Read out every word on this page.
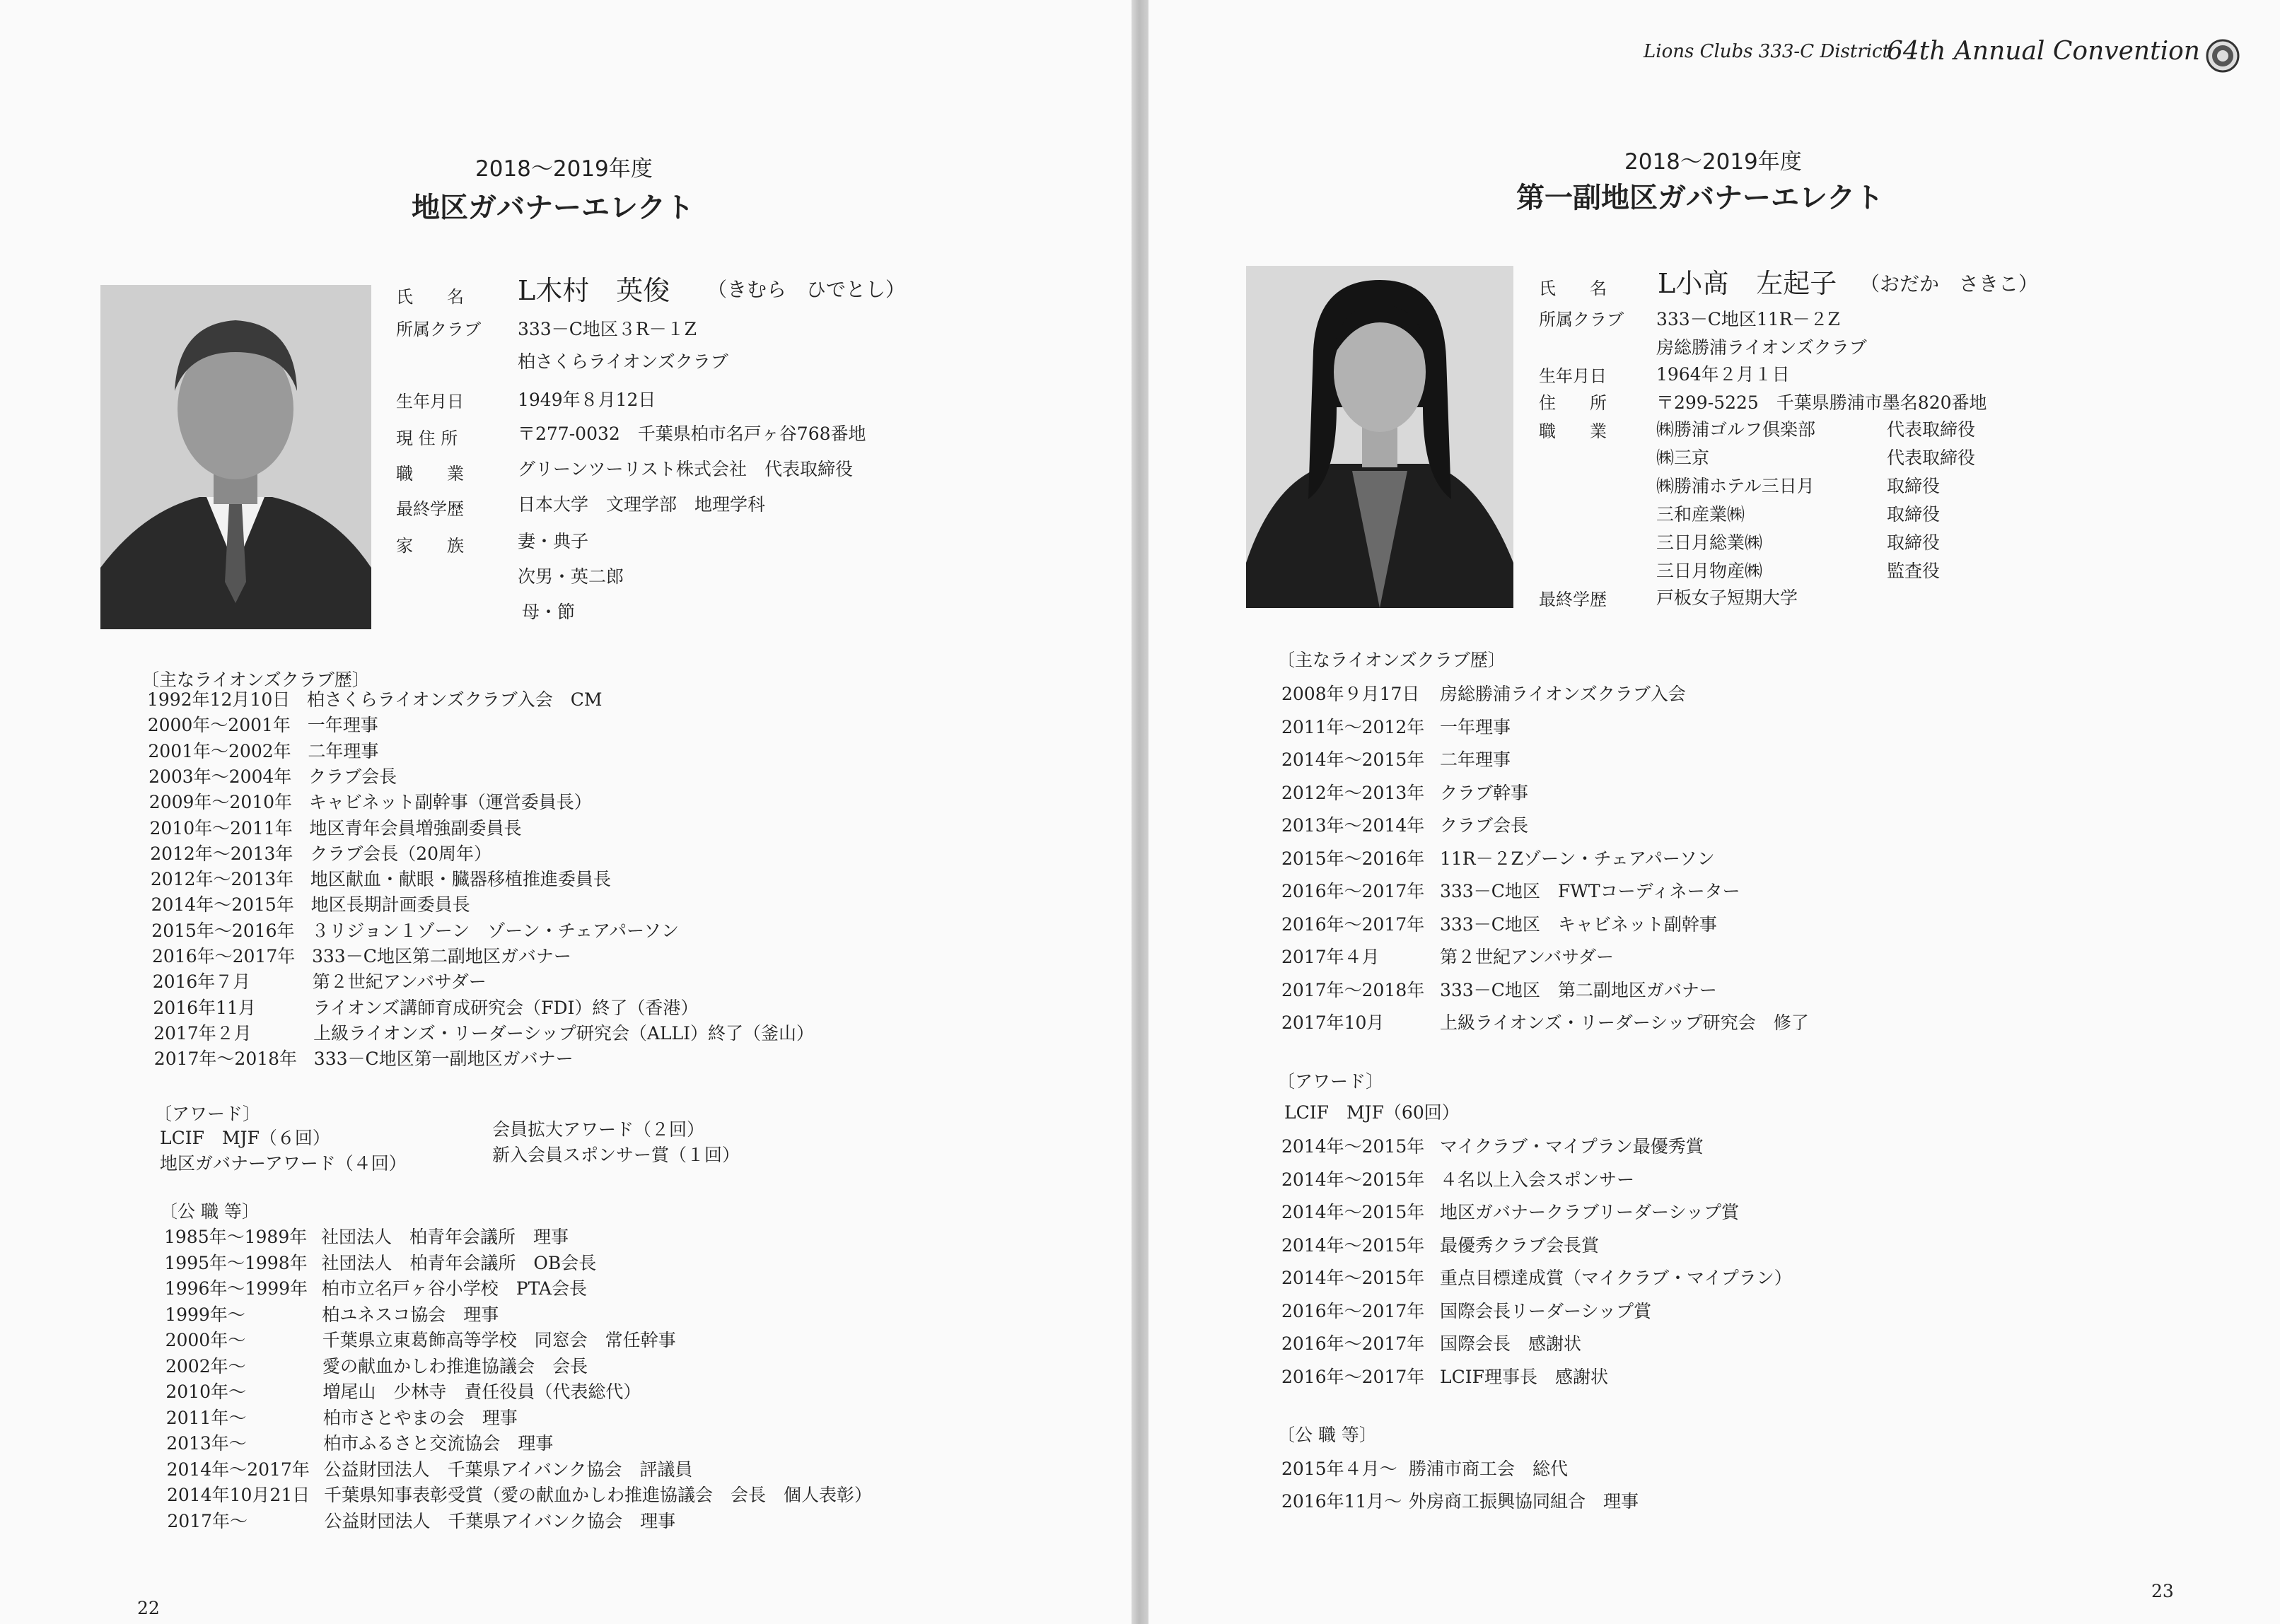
2018～2019年度
地区ガバナーエレクト
氏　　名 L木村　英俊 （きむら　ひでとし）
所属クラブ 333－C地区３R－１Z
柏さくらライオンズクラブ
生年月日	1949年８月12日
現 住 所	〒277-0032　千葉県柏市名戸ヶ谷768番地
職　　業	グリーンツーリスト株式会社　代表取締役
最終学歴	日本大学　文理学部　地理学科
家　　族	妻・典子
次男・英二郎
母・節
〔主なライオンズクラブ歴〕
1992年12月10日 柏さくらライオンズクラブ入会　CM
2000年～2001年 一年理事
2001年～2002年 二年理事
2003年～2004年 クラブ会長
2009年～2010年 キャビネット副幹事（運営委員長）
2010年～2011年 地区青年会員増強副委員長
2012年～2013年 クラブ会長（20周年）
2012年～2013年 地区献血・献眼・臓器移植推進委員長
2014年～2015年 地区長期計画委員長
2015年～2016年 ３リジョン１ゾーン　ゾーン・チェアパーソン
2016年～2017年 333－C地区第二副地区ガバナー
2016年７月	第２世紀アンバサダー
2016年11月	ライオンズ講師育成研究会（FDI）終了（香港）
2017年２月	上級ライオンズ・リーダーシップ研究会（ALLI）終了（釜山）
2017年～2018年 333－C地区第一副地区ガバナー
〔アワード〕
LCIF　MJF（６回）	会員拡大アワード（２回）
地区ガバナーアワード（４回）	新入会員スポンサー賞（１回）
〔公 職 等〕
1985年～1989年 社団法人　柏青年会議所　理事
1995年～1998年 社団法人　柏青年会議所　OB会長
1996年～1999年 柏市立名戸ヶ谷小学校　PTA会長
1999年～	柏ユネスコ協会　理事
2000年～	千葉県立東葛飾高等学校　同窓会　常任幹事
2002年～	愛の献血かしわ推進協議会　会長
2010年～	増尾山　少林寺　責任役員（代表総代）
2011年～	柏市さとやまの会　理事
2013年～	柏市ふるさと交流協会　理事
2014年～2017年 公益財団法人　千葉県アイバンク協会　評議員
2014年10月21日 千葉県知事表彰受賞（愛の献血かしわ推進協議会　会長　個人表彰）
2017年～	公益財団法人　千葉県アイバンク協会　理事
22
Lions Clubs 333-C District
64th Annual Convention
2018～2019年度
第一副地区ガバナーエレクト
氏　　名 L小髙　左起子 （おだか　さきこ）
所属クラブ 333－C地区11R－２Z
房総勝浦ライオンズクラブ
生年月日	1964年２月１日
住　　所	〒299-5225　千葉県勝浦市墨名820番地
職　　業	㈱勝浦ゴルフ倶楽部	代表取締役
㈱三京	代表取締役
㈱勝浦ホテル三日月	取締役
三和産業㈱	取締役
三日月総業㈱	取締役
三日月物産㈱	監査役
最終学歴	戸板女子短期大学
〔主なライオンズクラブ歴〕
2008年９月17日 房総勝浦ライオンズクラブ入会
2011年～2012年 一年理事
2014年～2015年 二年理事
2012年～2013年 クラブ幹事
2013年～2014年 クラブ会長
2015年～2016年 11R－２Zゾーン・チェアパーソン
2016年～2017年 333－C地区　FWTコーディネーター
2016年～2017年 333－C地区　キャビネット副幹事
2017年４月	第２世紀アンバサダー
2017年～2018年 333－C地区　第二副地区ガバナー
2017年10月	上級ライオンズ・リーダーシップ研究会　修了
〔アワード〕
LCIF　MJF（60回）
2014年～2015年 マイクラブ・マイプラン最優秀賞
2014年～2015年 ４名以上入会スポンサー
2014年～2015年 地区ガバナークラブリーダーシップ賞
2014年～2015年 最優秀クラブ会長賞
2014年～2015年 重点目標達成賞（マイクラブ・マイプラン）
2016年～2017年 国際会長リーダーシップ賞
2016年～2017年 国際会長　感謝状
2016年～2017年 LCIF理事長　感謝状
〔公 職 等〕
2015年４月～ 勝浦市商工会　総代
2016年11月～ 外房商工振興協同組合　理事
23
